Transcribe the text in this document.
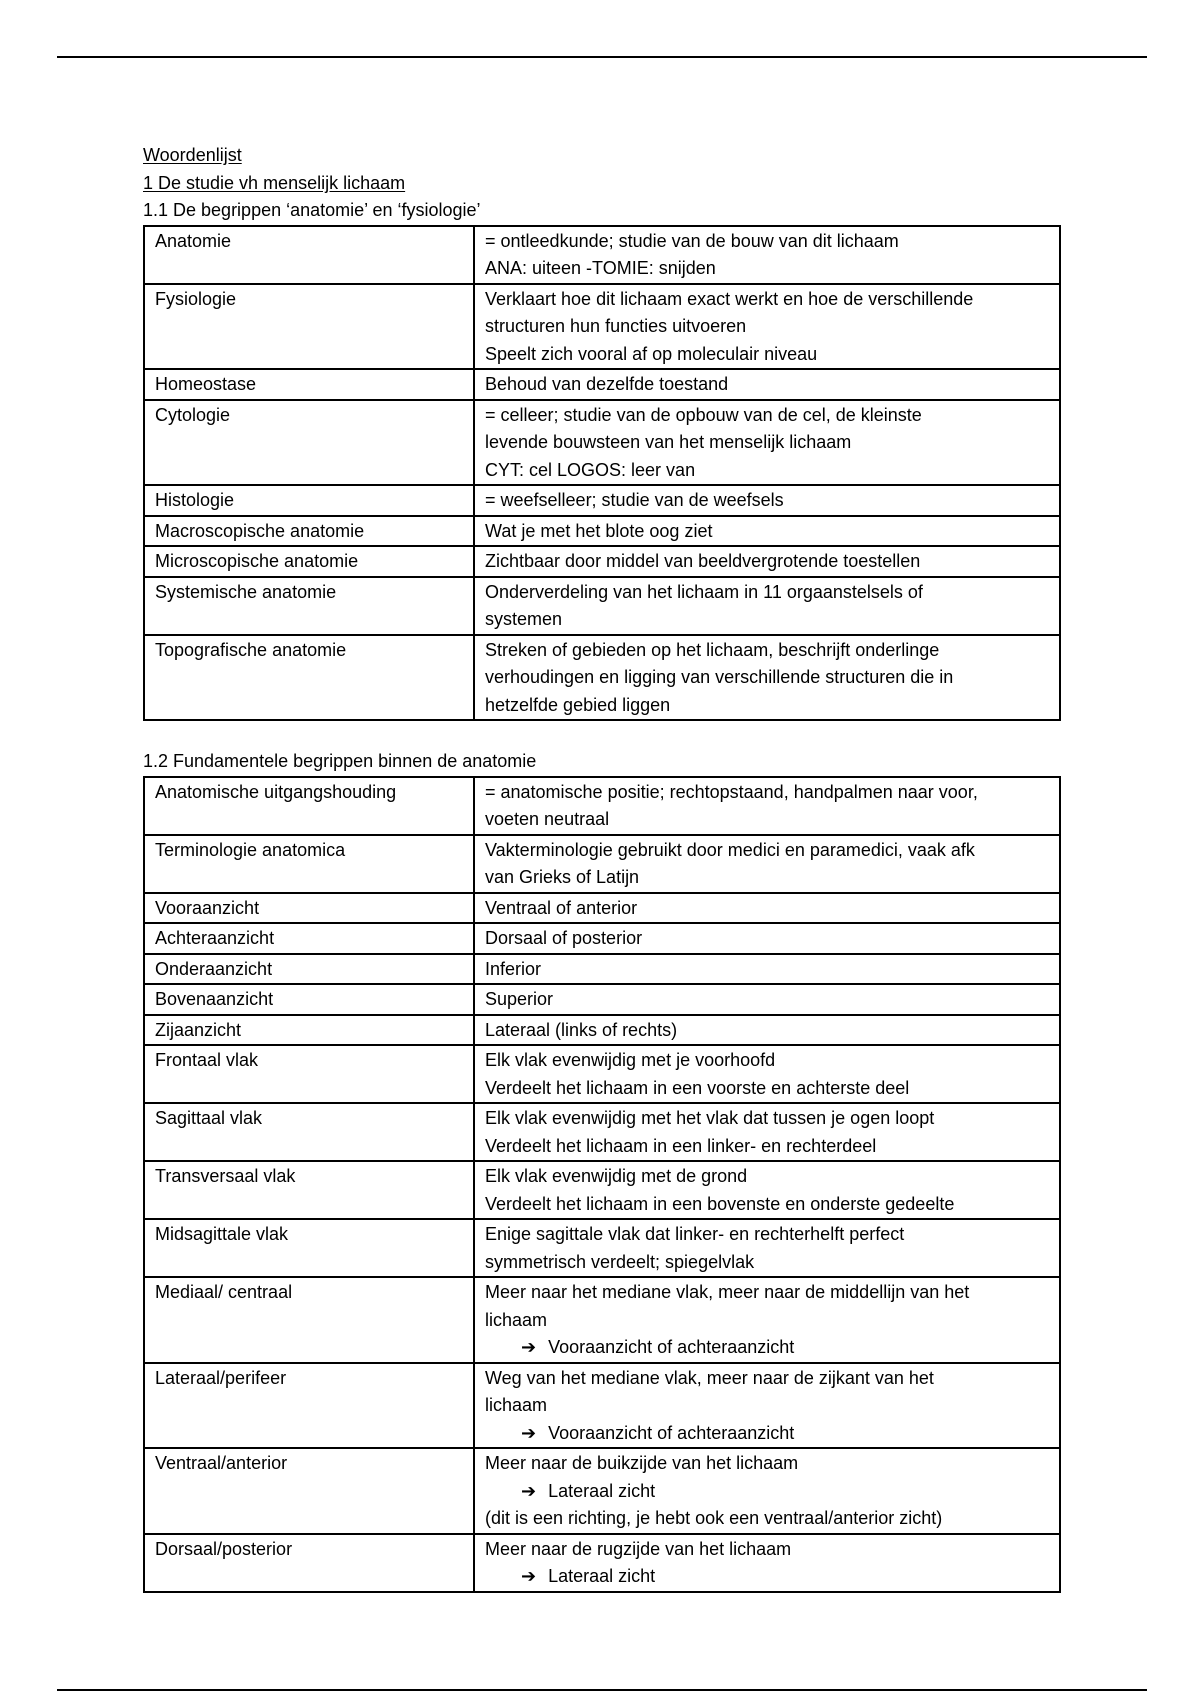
Woordenlijst
1 De studie vh menselijk lichaam
1.1 De begrippen ‘anatomie’ en ‘fysiologie’
Anatomie	= ontleedkunde; studie van de bouw van dit lichaam
ANA: uiteen -TOMIE: snijden

Fysiologie	Verklaart hoe dit lichaam exact werkt en hoe de verschillende
structuren hun functies uitvoeren
Speelt zich vooral af op moleculair niveau

Homeostase	Behoud van dezelfde toestand

Cytologie	= celleer; studie van de opbouw van de cel, de kleinste
levende bouwsteen van het menselijk lichaam
CYT: cel LOGOS: leer van

Histologie	= weefselleer; studie van de weefsels

Macroscopische anatomie	Wat je met het blote oog ziet

Microscopische anatomie	Zichtbaar door middel van beeldvergrotende toestellen

Systemische anatomie	Onderverdeling van het lichaam in 11 orgaanstelsels of
systemen

Topografische anatomie	Streken of gebieden op het lichaam, beschrijft onderlinge
verhoudingen en ligging van verschillende structuren die in
hetzelfde gebied liggen
1.2 Fundamentele begrippen binnen de anatomie
Anatomische uitgangshouding	= anatomische positie; rechtopstaand, handpalmen naar voor,
voeten neutraal

Terminologie anatomica	Vakterminologie gebruikt door medici en paramedici, vaak afk
van Grieks of Latijn

Vooraanzicht	Ventraal of anterior

Achteraanzicht	Dorsaal of posterior

Onderaanzicht	Inferior

Bovenaanzicht	Superior

Zijaanzicht	Lateraal (links of rechts)

Frontaal vlak	Elk vlak evenwijdig met je voorhoofd
Verdeelt het lichaam in een voorste en achterste deel

Sagittaal vlak	Elk vlak evenwijdig met het vlak dat tussen je ogen loopt
Verdeelt het lichaam in een linker- en rechterdeel

Transversaal vlak	Elk vlak evenwijdig met de grond
Verdeelt het lichaam in een bovenste en onderste gedeelte

Midsagittale vlak	Enige sagittale vlak dat linker- en rechterhelft perfect
symmetrisch verdeelt; spiegelvlak

Mediaal/ centraal	Meer naar het mediane vlak, meer naar de middellijn van het
lichaam
➔ Vooraanzicht of achteraanzicht

Lateraal/perifeer	Weg van het mediane vlak, meer naar de zijkant van het
lichaam
➔ Vooraanzicht of achteraanzicht

Ventraal/anterior	Meer naar de buikzijde van het lichaam
➔ Lateraal zicht
(dit is een richting, je hebt ook een ventraal/anterior zicht)

Dorsaal/posterior	Meer naar de rugzijde van het lichaam
➔ Lateraal zicht
